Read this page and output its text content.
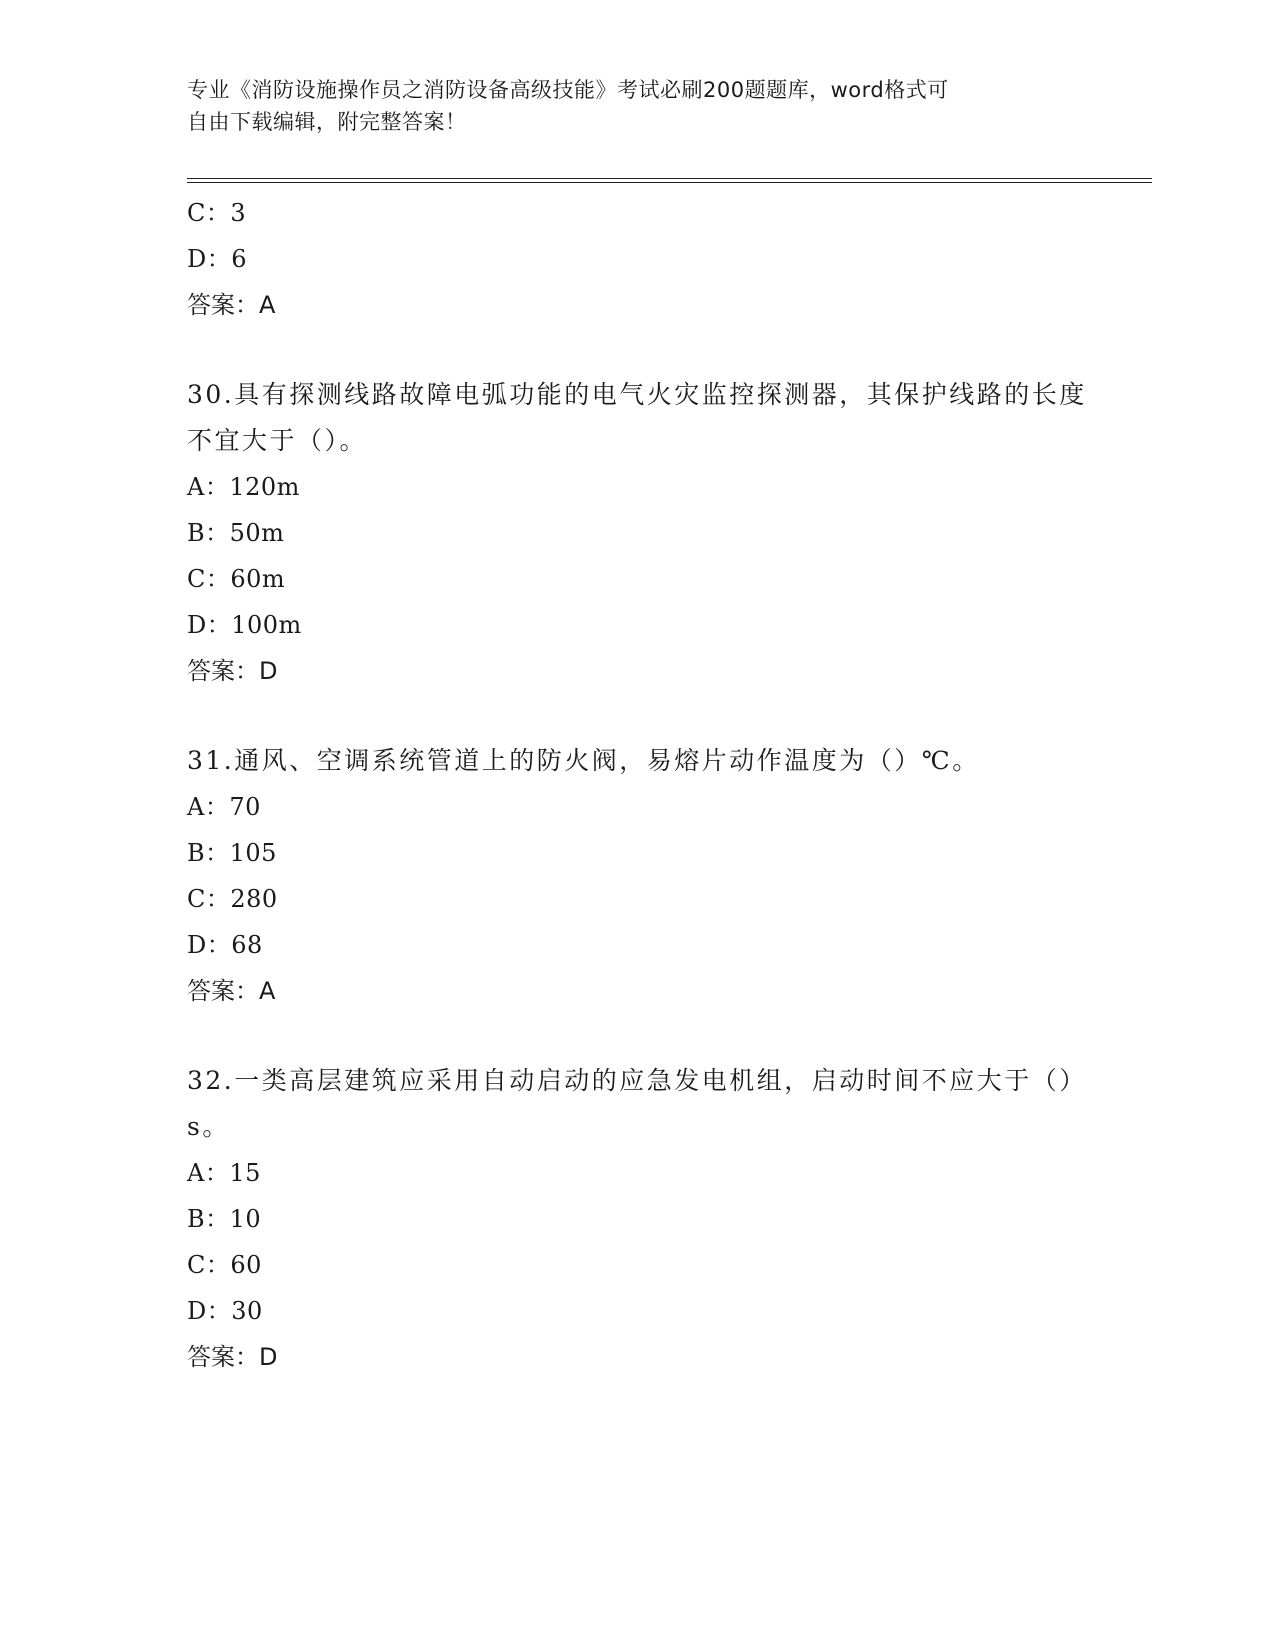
专业《消防设施操作员之消防设备高级技能》考试必刷200题题库，word格式可
自由下载编辑，附完整答案！
C：3
D：6
答案：A
30.具有探测线路故障电弧功能的电气火灾监控探测器，其保护线路的长度不宜大于（）。
A：120m
B：50m
C：60m
D：100m
答案：D
31.通风、空调系统管道上的防火阀，易熔片动作温度为（）℃。
A：70
B：105
C：280
D：68
答案：A
32.一类高层建筑应采用自动启动的应急发电机组，启动时间不应大于（）s。
A：15
B：10
C：60
D：30
答案：D
